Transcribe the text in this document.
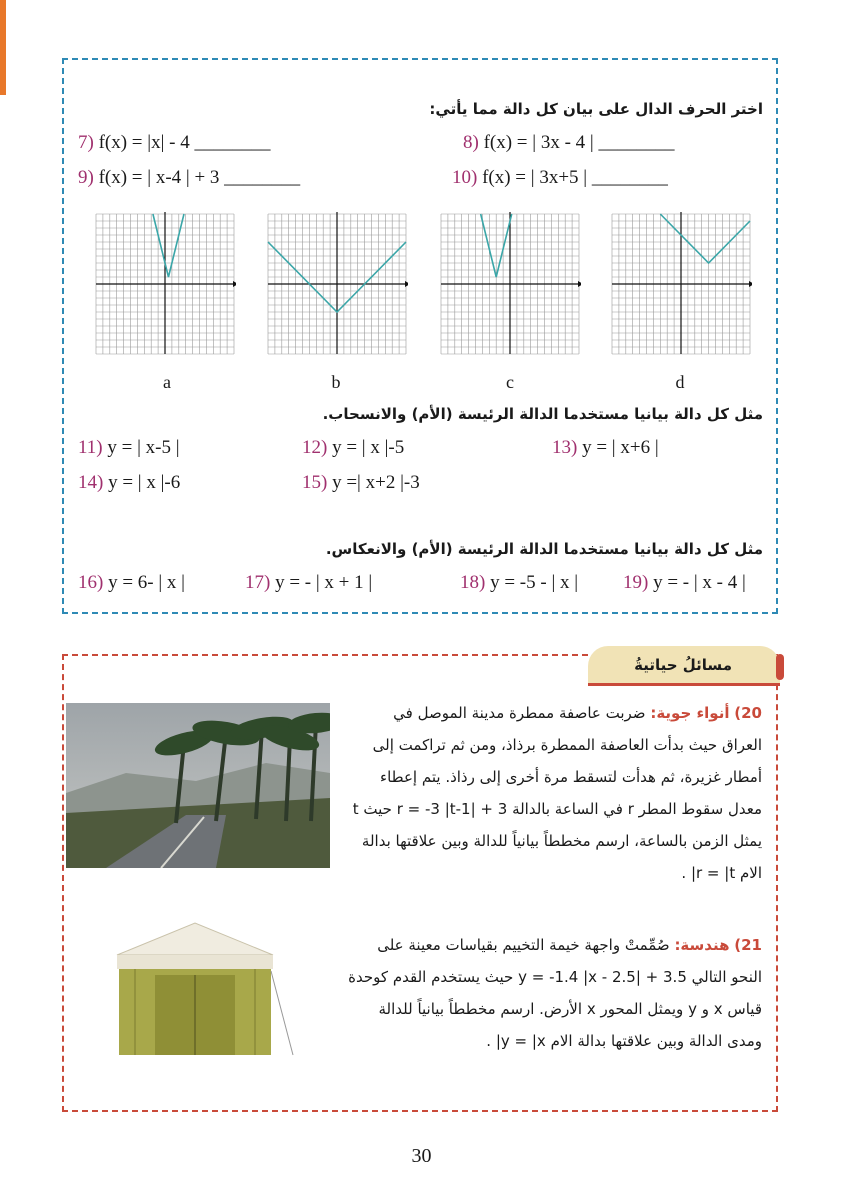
اختر الحرف الدال على بيان كل دالة مما يأتي:
7) f(x) = |x| - 4 ________	8) f(x) = | 3x - 4 | ________
9) f(x) = | x-4 | + 3 ________	10) f(x) = | 3x+5 | ________
a	b	c	d
مثل كل دالة بيانيا مستخدما الدالة الرئيسة (الأم) والانسحاب.
11) y = | x-5 |	12) y = | x |-5	13) y = | x+6 |
14) y = | x |-6	15) y =| x+2 |-3
مثل كل دالة بيانيا مستخدما الدالة الرئيسة (الأم) والانعكاس.
16) y = 6- | x |	17) y = - | x + 1 |	18) y = -5 - | x | 19) y = - | x - 4 |
مسائلُ حياتيةُ
20) أنواء جوية: ضربت عاصفة ممطرة مدينة الموصل في
العراق حيث بدأت العاصفة الممطرة برذاذ، ومن ثم تراكمت إلى
أمطار غزيرة، ثم هدأت لتسقط مرة أخرى إلى رذاذ. يتم إعطاء
معدل سقوط المطر r في الساعة بالدالة r = -3 |t-1| + 3 حيث t
يمثل الزمن بالساعة، ارسم مخططاً بيانياً للدالة وبين علاقتها بدالة
الام r = |t| .
21) هندسة: صُمِّمتْ واجهة خيمة التخييم بقياسات معينة على
النحو التالي y = -1.4 |x - 2.5| + 3.5 حيث يستخدم القدم كوحدة
قياس x و y ويمثل المحور x الأرض. ارسم مخططاً بيانياً للدالة
ومدى الدالة وبين علاقتها بدالة الام y = |x| .
30
